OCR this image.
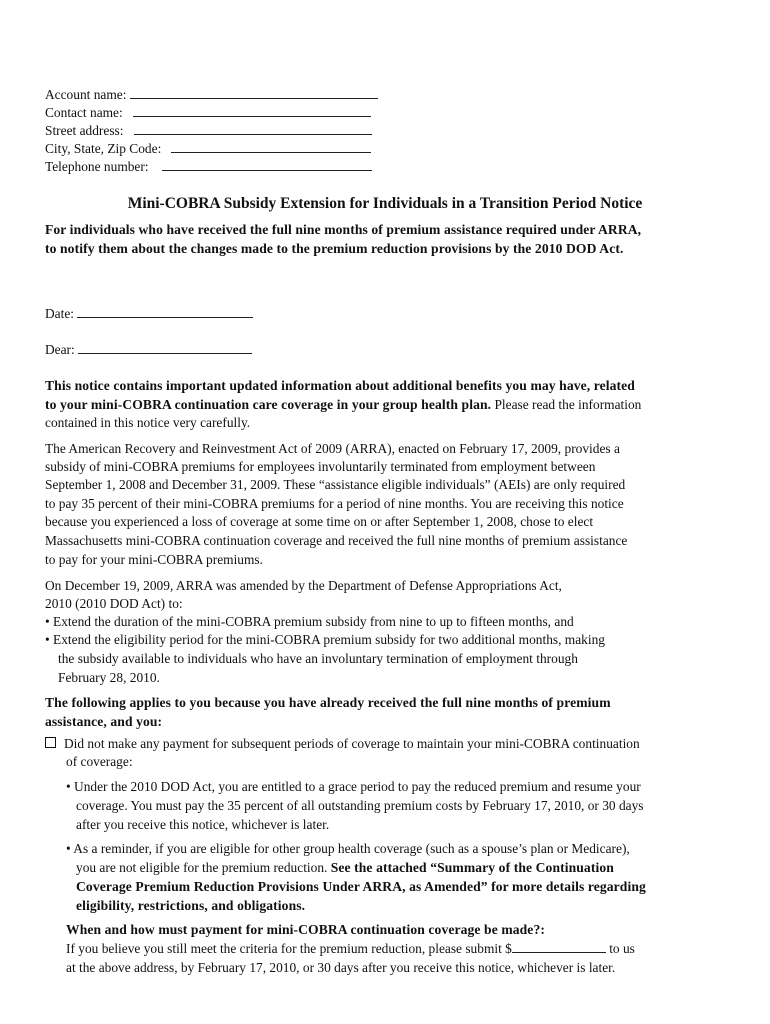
Account name:
Contact name:
Street address:
City, State, Zip Code:
Telephone number:
Mini-COBRA Subsidy Extension for Individuals in a Transition Period Notice
For individuals who have received the full nine months of premium assistance required under ARRA,
to notify them about the changes made to the premium reduction provisions by the 2010 DOD Act.
Date:
Dear:
This notice contains important updated information about additional benefits you may have, related
to your mini-COBRA continuation care coverage in your group health plan. Please read the information
contained in this notice very carefully.
The American Recovery and Reinvestment Act of 2009 (ARRA), enacted on February 17, 2009, provides a
subsidy of mini-COBRA premiums for employees involuntarily terminated from employment between
September 1, 2008 and December 31, 2009. These “assistance eligible individuals” (AEIs) are only required
to pay 35 percent of their mini-COBRA premiums for a period of nine months. You are receiving this notice
because you experienced a loss of coverage at some time on or after September 1, 2008, chose to elect
Massachusetts mini-COBRA continuation coverage and received the full nine months of premium assistance
to pay for your mini-COBRA premiums.
On December 19, 2009, ARRA was amended by the Department of Defense Appropriations Act,
2010 (2010 DOD Act) to:
• Extend the duration of the mini-COBRA premium subsidy from nine to up to fifteen months, and
• Extend the eligibility period for the mini-COBRA premium subsidy for two additional months, making
the subsidy available to individuals who have an involuntary termination of employment through
February 28, 2010.
The following applies to you because you have already received the full nine months of premium
assistance, and you:
Did not make any payment for subsequent periods of coverage to maintain your mini-COBRA continuation
of coverage:
• Under the 2010 DOD Act, you are entitled to a grace period to pay the reduced premium and resume your
coverage. You must pay the 35 percent of all outstanding premium costs by February 17, 2010, or 30 days
after you receive this notice, whichever is later.
• As a reminder, if you are eligible for other group health coverage (such as a spouse’s plan or Medicare),
you are not eligible for the premium reduction. See the attached “Summary of the Continuation
Coverage Premium Reduction Provisions Under ARRA, as Amended” for more details regarding
eligibility, restrictions, and obligations.
When and how must payment for mini-COBRA continuation coverage be made?:
If you believe you still meet the criteria for the premium reduction, please submit $	to us
at the above address, by February 17, 2010, or 30 days after you receive this notice, whichever is later.
